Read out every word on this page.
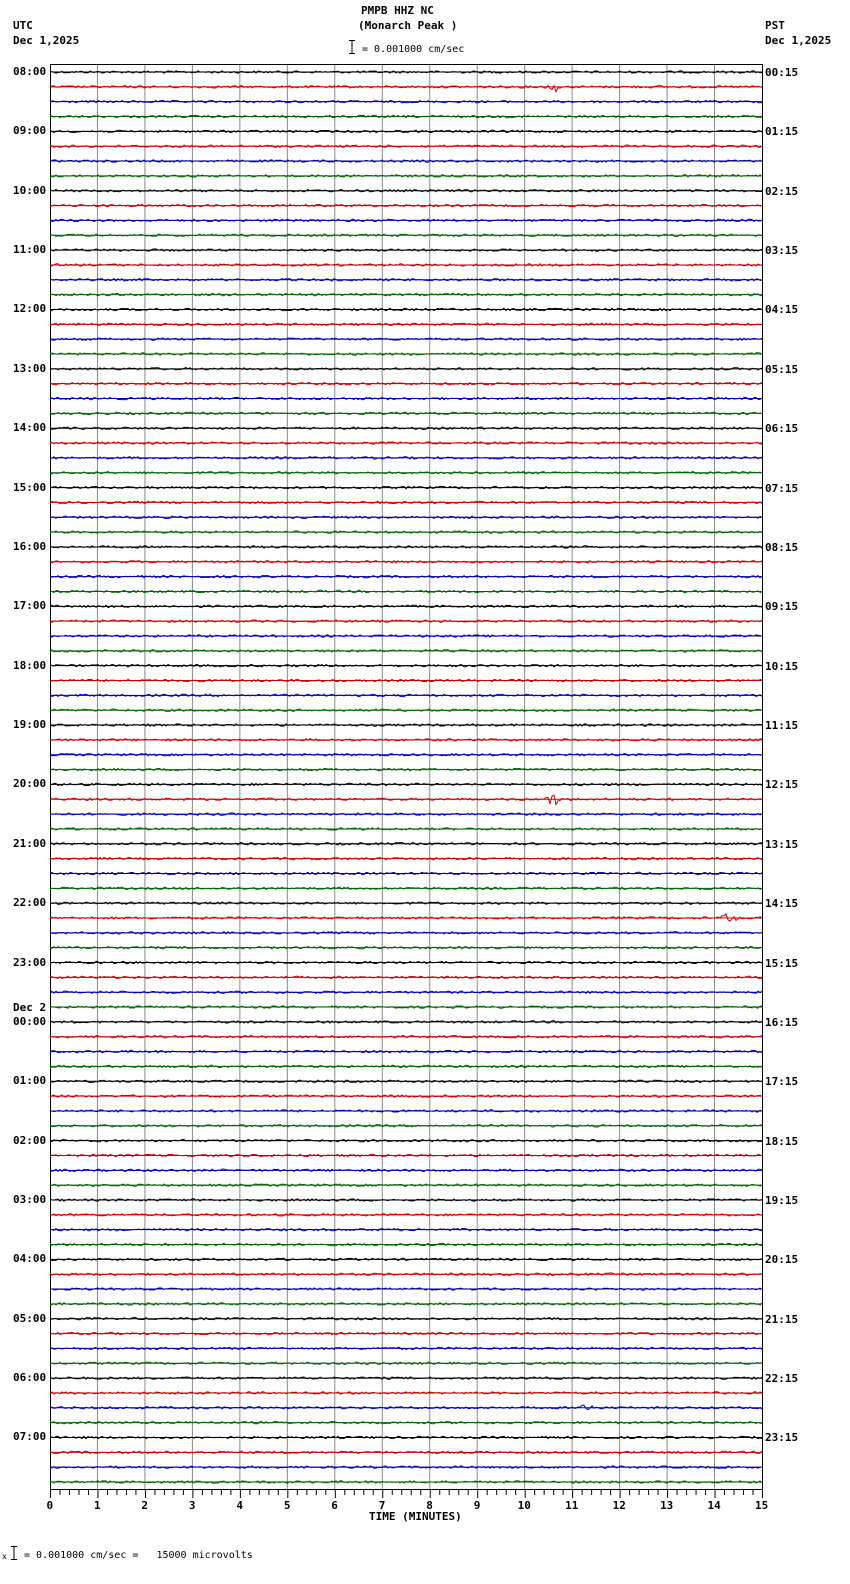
PMPB HHZ NC
(Monarch Peak )
UTC
Dec 1,2025
PST
Dec 1,2025
= 0.001000 cm/sec
TIME (MINUTES)
x = 0.001000 cm/sec =   15000 microvolts
08:00
09:00
10:00
11:00
12:00
13:00
14:00
15:00
16:00
17:00
18:00
19:00
20:00
21:00
22:00
23:00
00:00
Dec 2
01:00
02:00
03:00
04:00
05:00
06:00
07:00
00:15
01:15
02:15
03:15
04:15
05:15
06:15
07:15
08:15
09:15
10:15
11:15
12:15
13:15
14:15
15:15
16:15
17:15
18:15
19:15
20:15
21:15
22:15
23:15
0	1	2	3	4	5	6	7	8	9	10	11	12	13	14	15
